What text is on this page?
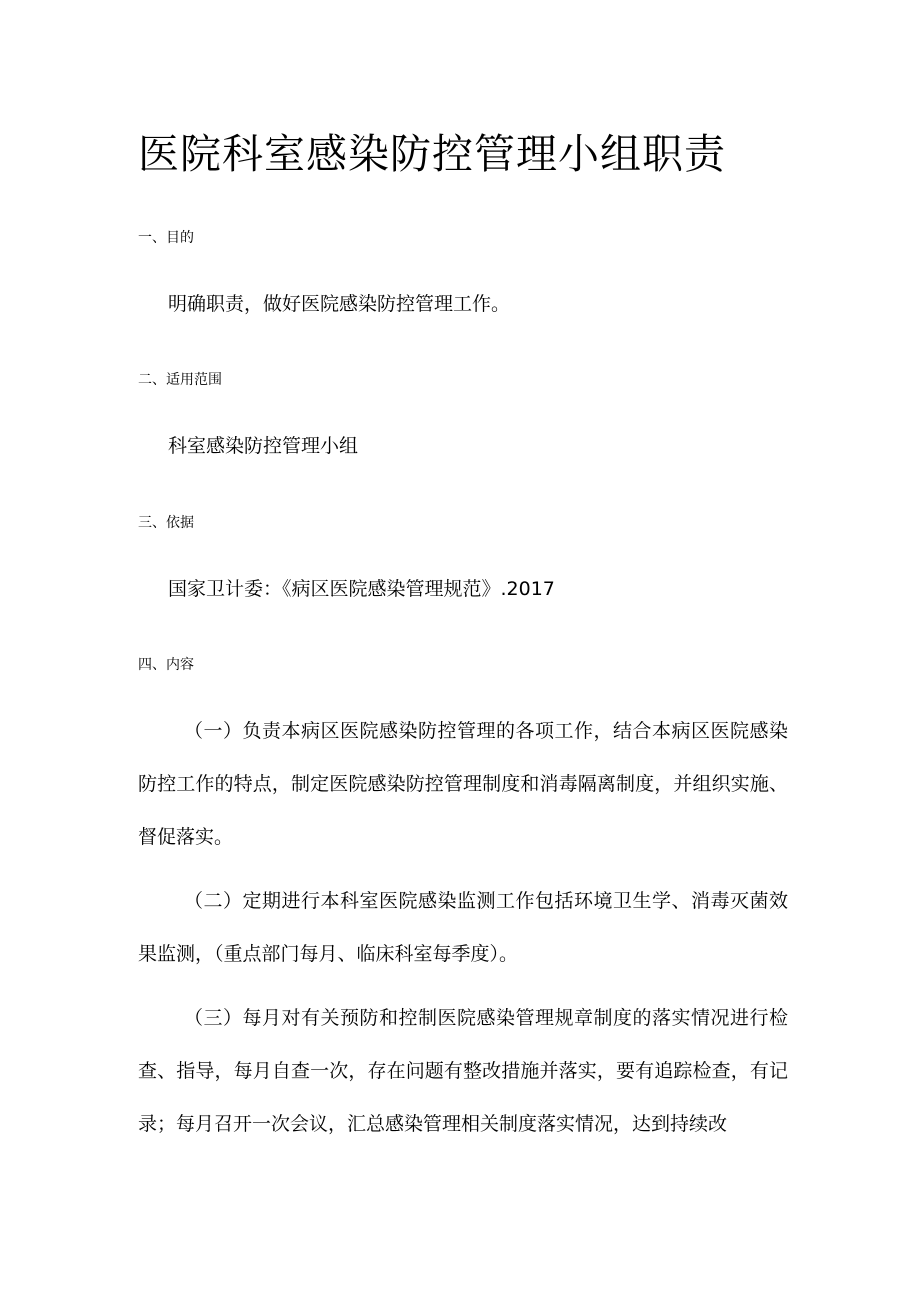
医院科室感染防控管理小组职责

一、目的

明确职责，做好医院感染防控管理工作。

二、适用范围

科室感染防控管理小组

三、依据

国家卫计委：《病区医院感染管理规范》.2017

四、内容

（一）负责本病区医院感染防控管理的各项工作，结合本病区医院感染防控工作的特点，制定医院感染防控管理制度和消毒隔离制度，并组织实施、督促落实。

（二）定期进行本科室医院感染监测工作包括环境卫生学、消毒灭菌效果监测，（重点部门每月、临床科室每季度）。

（三）每月对有关预防和控制医院感染管理规章制度的落实情况进行检查、指导，每月自查一次，存在问题有整改措施并落实，要有追踪检查，有记录；每月召开一次会议，汇总感染管理相关制度落实情况，达到持续改
